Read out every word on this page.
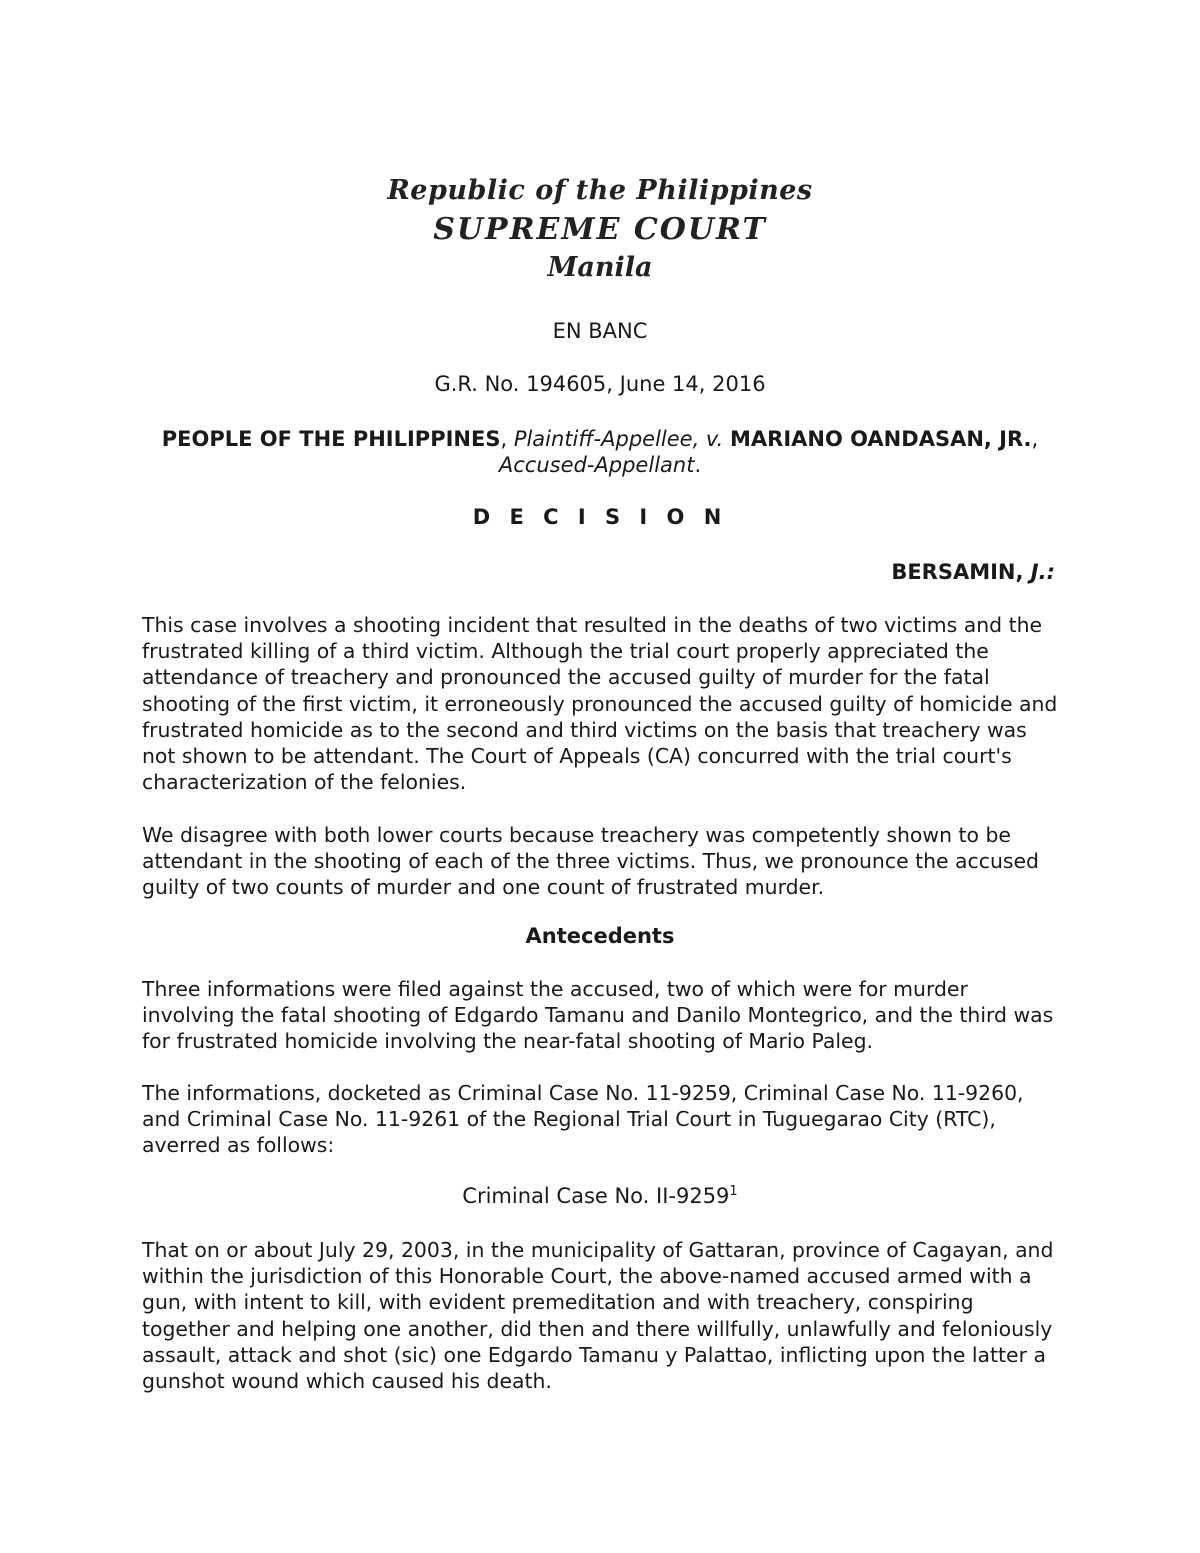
Republic of the Philippines
SUPREME COURT
Manila
EN BANC
G.R. No. 194605, June 14, 2016
PEOPLE OF THE PHILIPPINES, Plaintiff-Appellee, v. MARIANO OANDASAN, JR., Accused-Appellant.
D E C I S I O N
BERSAMIN, J.:

This case involves a shooting incident that resulted in the deaths of two victims and the frustrated killing of a third victim. Although the trial court properly appreciated the attendance of treachery and pronounced the accused guilty of murder for the fatal shooting of the first victim, it erroneously pronounced the accused guilty of homicide and frustrated homicide as to the second and third victims on the basis that treachery was not shown to be attendant. The Court of Appeals (CA) concurred with the trial court's characterization of the felonies.

We disagree with both lower courts because treachery was competently shown to be attendant in the shooting of each of the three victims. Thus, we pronounce the accused guilty of two counts of murder and one count of frustrated murder.

Antecedents

Three informations were filed against the accused, two of which were for murder involving the fatal shooting of Edgardo Tamanu and Danilo Montegrico, and the third was for frustrated homicide involving the near-fatal shooting of Mario Paleg.

The informations, docketed as Criminal Case No. 11-9259, Criminal Case No. 11-9260, and Criminal Case No. 11-9261 of the Regional Trial Court in Tuguegarao City (RTC), averred as follows:

Criminal Case No. II-9259$^1$

That on or about July 29, 2003, in the municipality of Gattaran, province of Cagayan, and within the jurisdiction of this Honorable Court, the above-named accused armed with a gun, with intent to kill, with evident premeditation and with treachery, conspiring together and helping one another, did then and there willfully, unlawfully and feloniously assault, attack and shot (sic) one Edgardo Tamanu y Palattao, inflicting upon the latter a gunshot wound which caused his death.
